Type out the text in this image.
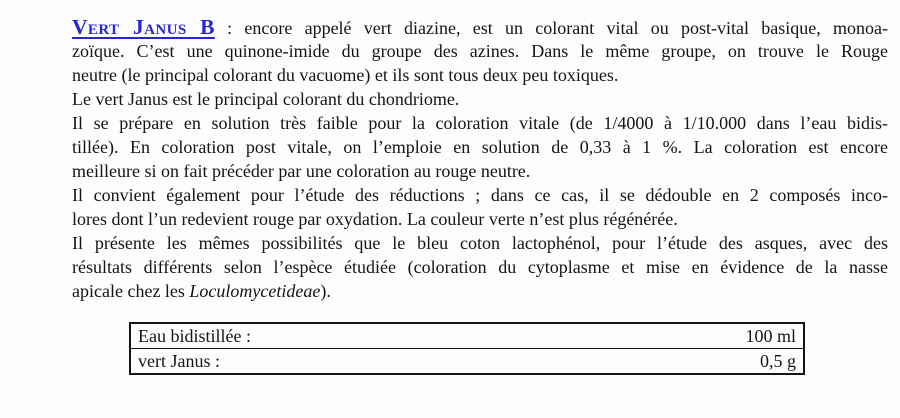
Vert Janus B : encore appelé vert diazine, est un colorant vital ou post-vital basique, monoa-
zoïque. C’est une quinone-imide du groupe des azines. Dans le même groupe, on trouve le Rouge
neutre (le principal colorant du vacuome) et ils sont tous deux peu toxiques.
Le vert Janus est le principal colorant du chondriome.
Il se prépare en solution très faible pour la coloration vitale (de 1/4000 à 1/10.000 dans l’eau bidis-
tillée). En coloration post vitale, on l’emploie en solution de 0,33 à 1 %. La coloration est encore
meilleure si on fait précéder par une coloration au rouge neutre.
Il convient également pour l’étude des réductions ; dans ce cas, il se dédouble en 2 composés inco-
lores dont l’un redevient rouge par oxydation. La couleur verte n’est plus régénérée.
Il présente les mêmes possibilités que le bleu coton lactophénol, pour l’étude des asques, avec des
résultats différents selon l’espèce étudiée (coloration du cytoplasme et mise en évidence de la nasse
apicale chez les Loculomycetideae).
Eau bidistillée :	100 ml
vert Janus :	0,5 g
